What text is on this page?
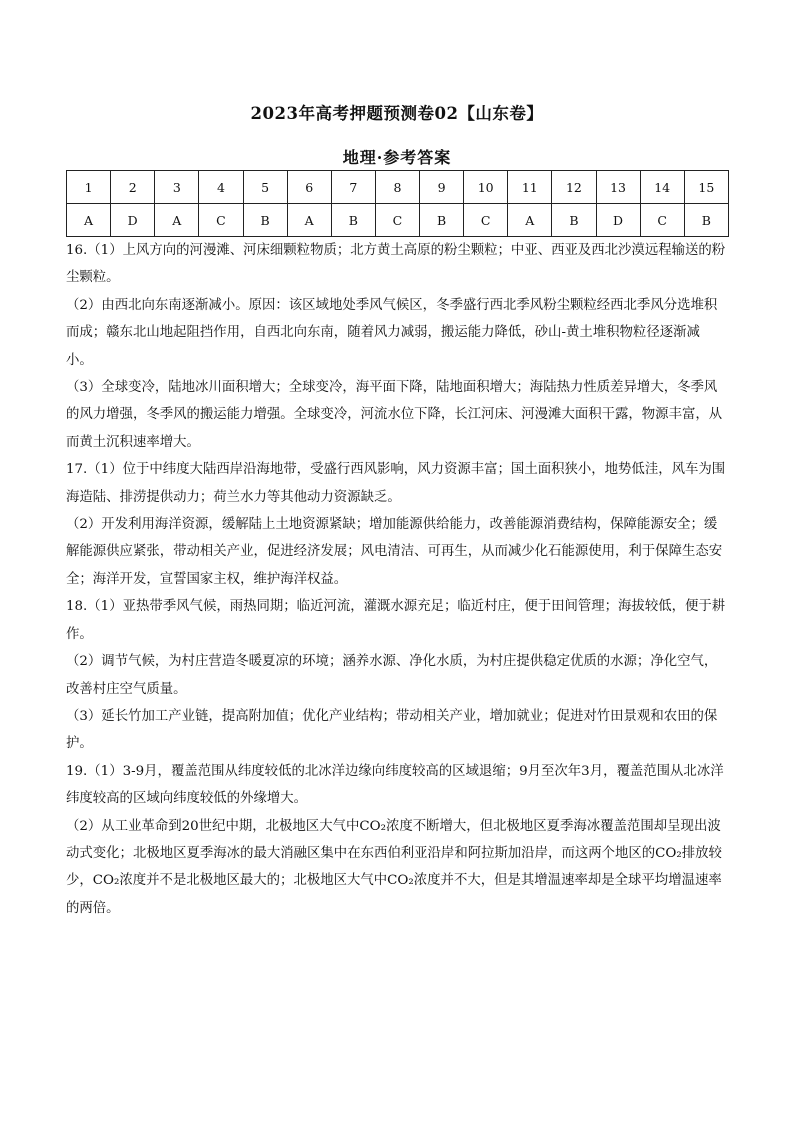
2023年高考押题预测卷02【山东卷】
地理·参考答案
1	2	3	4	5	6	7	8	9	10	11	12	13	14	15
A	D	A	C	B	A	B	C	B	C	A	B	D	C	B

16.（1）上风方向的河漫滩、河床细颗粒物质；北方黄土高原的粉尘颗粒；中亚、西亚及西北沙漠远程输送的粉尘颗粒。

（2）由西北向东南逐渐减小。原因：该区域地处季风气候区，冬季盛行西北季风粉尘颗粒经西北季风分选堆积而成；赣东北山地起阻挡作用，自西北向东南，随着风力减弱，搬运能力降低，砂山-黄土堆积物粒径逐渐减小。

（3）全球变冷，陆地冰川面积增大；全球变冷，海平面下降，陆地面积增大；海陆热力性质差异增大，冬季风的风力增强，冬季风的搬运能力增强。全球变冷，河流水位下降，长江河床、河漫滩大面积干露，物源丰富，从而黄土沉积速率增大。

17.（1）位于中纬度大陆西岸沿海地带，受盛行西风影响，风力资源丰富；国土面积狭小，地势低洼，风车为围海造陆、排涝提供动力；荷兰水力等其他动力资源缺乏。

（2）开发利用海洋资源，缓解陆上土地资源紧缺；增加能源供给能力，改善能源消费结构，保障能源安全；缓解能源供应紧张，带动相关产业，促进经济发展；风电清洁、可再生，从而减少化石能源使用，利于保障生态安全；海洋开发，宣誓国家主权，维护海洋权益。

18.（1）亚热带季风气候，雨热同期；临近河流，灌溉水源充足；临近村庄，便于田间管理；海拔较低，便于耕作。

（2）调节气候，为村庄营造冬暖夏凉的环境；涵养水源、净化水质，为村庄提供稳定优质的水源；净化空气，改善村庄空气质量。

（3）延长竹加工产业链，提高附加值；优化产业结构；带动相关产业，增加就业；促进对竹田景观和农田的保护。

19.（1）3-9月，覆盖范围从纬度较低的北冰洋边缘向纬度较高的区域退缩；9月至次年3月，覆盖范围从北冰洋纬度较高的区域向纬度较低的外缘增大。

（2）从工业革命到20世纪中期，北极地区大气中CO₂浓度不断增大，但北极地区夏季海冰覆盖范围却呈现出波动式变化；北极地区夏季海冰的最大消融区集中在东西伯利亚沿岸和阿拉斯加沿岸，而这两个地区的CO₂排放较少，CO₂浓度并不是北极地区最大的；北极地区大气中CO₂浓度并不大，但是其增温速率却是全球平均增温速率的两倍。
